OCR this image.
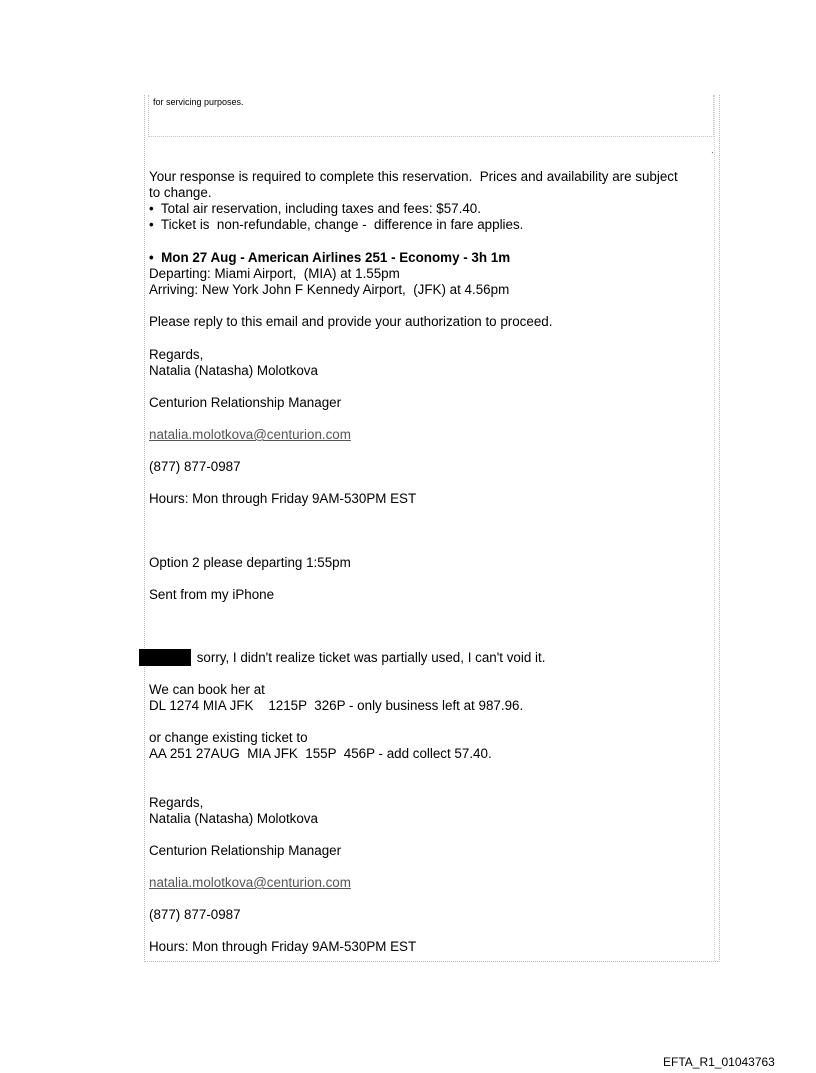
for servicing purposes.
.
Your response is required to complete this reservation.  Prices and availability are subject
to change.
•  Total air reservation, including taxes and fees: $57.40.
•  Ticket is  non-refundable, change -  difference in fare applies.
•  Mon 27 Aug - American Airlines 251 - Economy - 3h 1m
Departing: Miami Airport,  (MIA) at 1.55pm
Arriving: New York John F Kennedy Airport,  (JFK) at 4.56pm
Please reply to this email and provide your authorization to proceed.
Regards,
Natalia (Natasha) Molotkova
Centurion Relationship Manager
natalia.molotkova@centurion.com
(877) 877-0987
Hours: Mon through Friday 9AM-530PM EST
Option 2 please departing 1:55pm
Sent from my iPhone
sorry, I didn't realize ticket was partially used, I can't void it.
We can book her at
DL 1274 MIA JFK    1215P  326P - only business left at 987.96.
or change existing ticket to
AA 251 27AUG  MIA JFK  155P  456P - add collect 57.40.
Regards,
Natalia (Natasha) Molotkova
Centurion Relationship Manager
natalia.molotkova@centurion.com
(877) 877-0987
Hours: Mon through Friday 9AM-530PM EST
EFTA_R1_01043763
